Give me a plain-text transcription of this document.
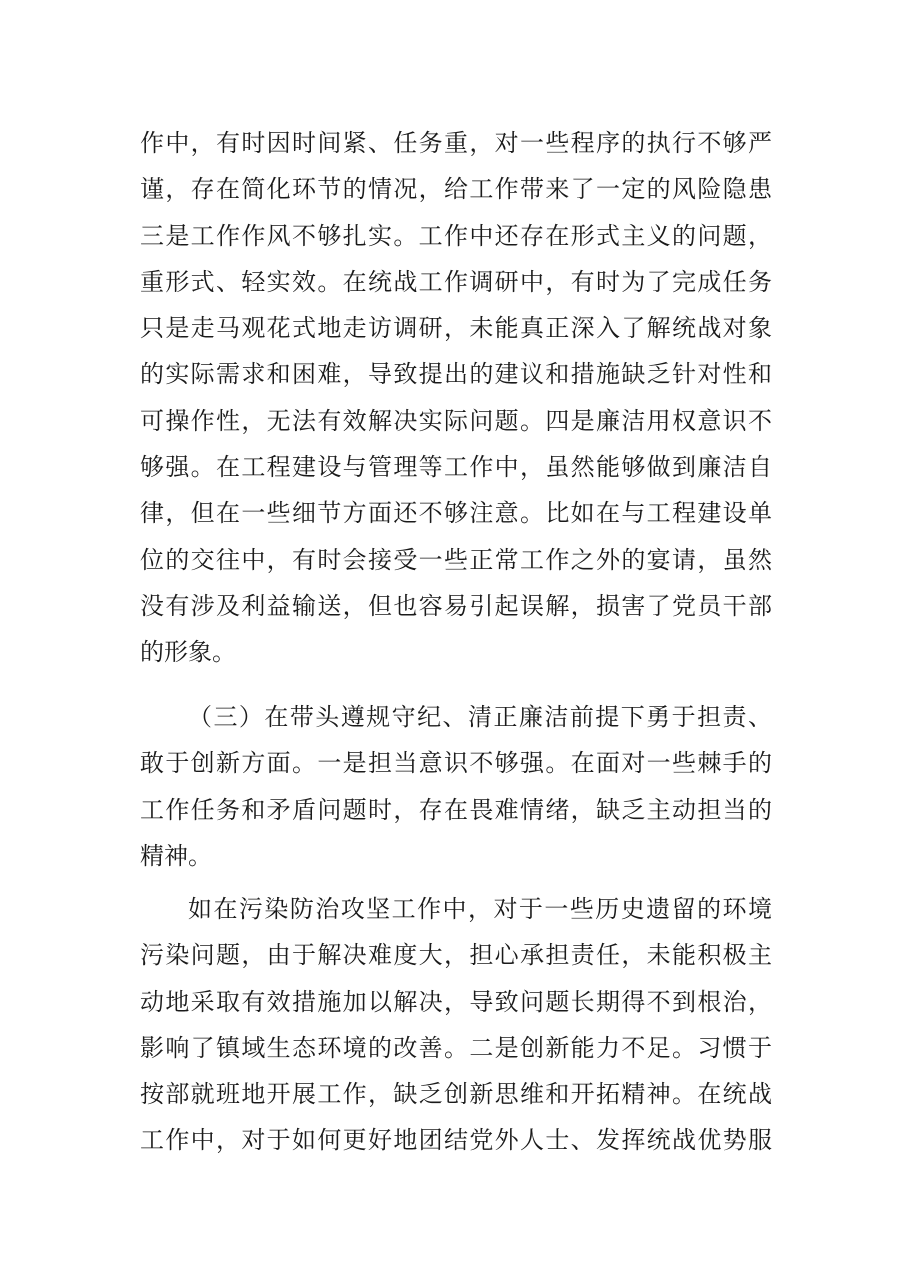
作中，有时因时间紧、任务重，对一些程序的执行不够严
谨，存在简化环节的情况，给工作带来了一定的风险隐患
三是工作作风不够扎实。工作中还存在形式主义的问题，
重形式、轻实效。在统战工作调研中，有时为了完成任务
只是走马观花式地走访调研，未能真正深入了解统战对象
的实际需求和困难，导致提出的建议和措施缺乏针对性和
可操作性，无法有效解决实际问题。四是廉洁用权意识不
够强。在工程建设与管理等工作中，虽然能够做到廉洁自
律，但在一些细节方面还不够注意。比如在与工程建设单
位的交往中，有时会接受一些正常工作之外的宴请，虽然
没有涉及利益输送，但也容易引起误解，损害了党员干部
的形象。
（三）在带头遵规守纪、清正廉洁前提下勇于担责、
敢于创新方面。一是担当意识不够强。在面对一些棘手的
工作任务和矛盾问题时，存在畏难情绪，缺乏主动担当的
精神。
如在污染防治攻坚工作中，对于一些历史遗留的环境
污染问题，由于解决难度大，担心承担责任，未能积极主
动地采取有效措施加以解决，导致问题长期得不到根治，
影响了镇域生态环境的改善。二是创新能力不足。习惯于
按部就班地开展工作，缺乏创新思维和开拓精神。在统战
工作中，对于如何更好地团结党外人士、发挥统战优势服
